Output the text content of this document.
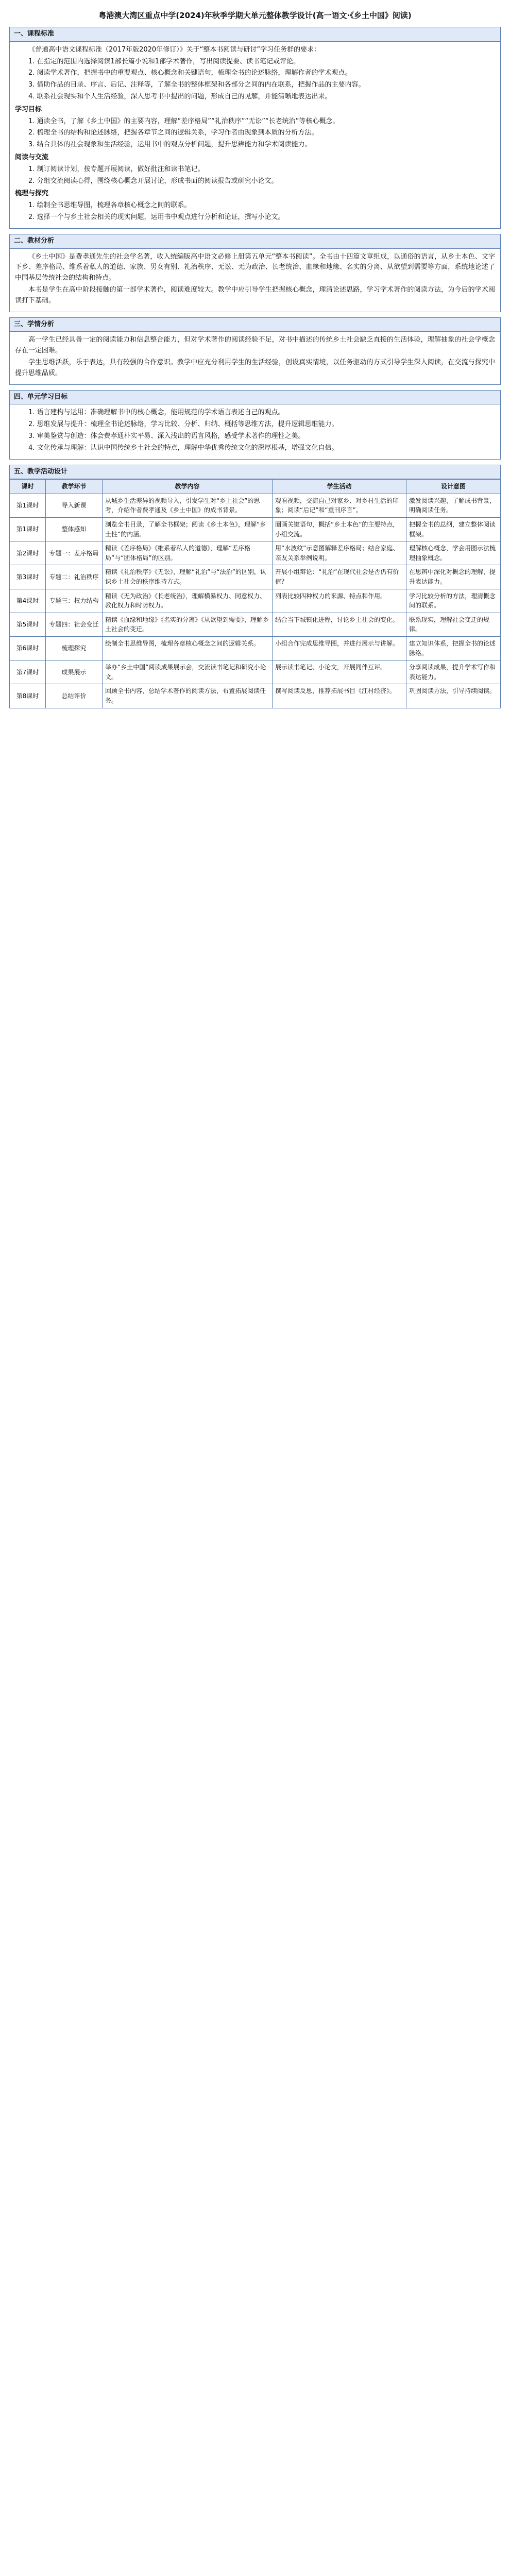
粤港澳大湾区重点中学(2024)年秋季学期大单元整体教学设计(高一语文·《乡土中国》阅读)
一、课程标准

《普通高中语文课程标准（2017年版2020年修订）》关于“整本书阅读与研讨”学习任务群的要求：

1. 在指定的范围内选择阅读1部长篇小说和1部学术著作，写出阅读提要、读书笔记或评论。

2. 阅读学术著作，把握书中的重要观点、核心概念和关键语句，梳理全书的论述脉络，理解作者的学术观点。

3. 借助作品的目录、序言、后记、注释等，了解全书的整体框架和各部分之间的内在联系，把握作品的主要内容。

4. 联系社会现实和个人生活经验，深入思考书中提出的问题，形成自己的见解，并能清晰地表达出来。

学习目标

1. 通读全书，了解《乡土中国》的主要内容，理解“差序格局”“礼治秩序”“无讼”“长老统治”等核心概念。

2. 梳理全书的结构和论述脉络，把握各章节之间的逻辑关系，学习作者由现象到本质的分析方法。

3. 结合具体的社会现象和生活经验，运用书中的观点分析问题，提升思辨能力和学术阅读能力。

阅读与交流

1. 制订阅读计划，按专题开展阅读，做好批注和读书笔记。

2. 分组交流阅读心得，围绕核心概念开展讨论，形成书面的阅读报告或研究小论文。

梳理与探究

1. 绘制全书思维导图，梳理各章核心概念之间的联系。

2. 选择一个与乡土社会相关的现实问题，运用书中观点进行分析和论证，撰写小论文。

二、教材分析

《乡土中国》是费孝通先生的社会学名著，收入统编版高中语文必修上册第五单元“整本书阅读”。全书由十四篇文章组成，以通俗的语言，从乡土本色、文字下乡、差序格局、维系着私人的道德、家族、男女有别、礼治秩序、无讼、无为政治、长老统治、血缘和地缘、名实的分离、从欲望到需要等方面，系统地论述了中国基层传统社会的结构和特点。

本书是学生在高中阶段接触的第一部学术著作，阅读难度较大。教学中应引导学生把握核心概念，理清论述思路，学习学术著作的阅读方法，为今后的学术阅读打下基础。

三、学情分析

高一学生已经具备一定的阅读能力和信息整合能力，但对学术著作的阅读经验不足，对书中描述的传统乡土社会缺乏直接的生活体验，理解抽象的社会学概念存在一定困难。

学生思维活跃，乐于表达，具有较强的合作意识。教学中应充分利用学生的生活经验，创设真实情境，以任务驱动的方式引导学生深入阅读，在交流与探究中提升思维品质。

四、单元学习目标

1. 语言建构与运用：准确理解书中的核心概念，能用规范的学术语言表述自己的观点。

2. 思维发展与提升：梳理全书论述脉络，学习比较、分析、归纳、概括等思维方法，提升逻辑思维能力。

3. 审美鉴赏与创造：体会费孝通朴实平易、深入浅出的语言风格，感受学术著作的理性之美。

4. 文化传承与理解：认识中国传统乡土社会的特点，理解中华优秀传统文化的深厚根基，增强文化自信。

五、教学活动设计
课时	教学环节	教学内容	学生活动	设计意图
第1课时	导入新课	从城乡生活差异的视频导入，引发学生对“乡土社会”的思考，介绍作者费孝通及《乡土中国》的成书背景。	观看视频，交流自己对家乡、对乡村生活的印象；阅读“后记”和“重刊序言”。	激发阅读兴趣，了解成书背景，明确阅读任务。
第1课时	整体感知	浏览全书目录，了解全书框架；阅读《乡土本色》，理解“乡土性”的内涵。	圈画关键语句，概括“乡土本色”的主要特点，小组交流。	把握全书的总纲，建立整体阅读框架。
第2课时	专题一：差序格局	精读《差序格局》《维系着私人的道德》，理解“差序格局”与“团体格局”的区别。	用“水波纹”示意图解释差序格局；结合家庭、亲友关系举例说明。	理解核心概念，学会用图示法梳理抽象概念。
第3课时	专题二：礼治秩序	精读《礼治秩序》《无讼》，理解“礼治”与“法治”的区别，认识乡土社会的秩序维持方式。	开展小组辩论：“礼治”在现代社会是否仍有价值？	在思辨中深化对概念的理解，提升表达能力。
第4课时	专题三：权力结构	精读《无为政治》《长老统治》，理解横暴权力、同意权力、教化权力和时势权力。	列表比较四种权力的来源、特点和作用。	学习比较分析的方法，理清概念间的联系。
第5课时	专题四：社会变迁	精读《血缘和地缘》《名实的分离》《从欲望到需要》，理解乡土社会的变迁。	结合当下城镇化进程，讨论乡土社会的变化。	联系现实，理解社会变迁的规律。
第6课时	梳理探究	绘制全书思维导图，梳理各章核心概念之间的逻辑关系。	小组合作完成思维导图，并进行展示与讲解。	建立知识体系，把握全书的论述脉络。
第7课时	成果展示	举办“乡土中国”阅读成果展示会，交流读书笔记和研究小论文。	展示读书笔记、小论文，开展同伴互评。	分享阅读成果，提升学术写作和表达能力。
第8课时	总结评价	回顾全书内容，总结学术著作的阅读方法，布置拓展阅读任务。	撰写阅读反思，推荐拓展书目《江村经济》。	巩固阅读方法，引导持续阅读。
